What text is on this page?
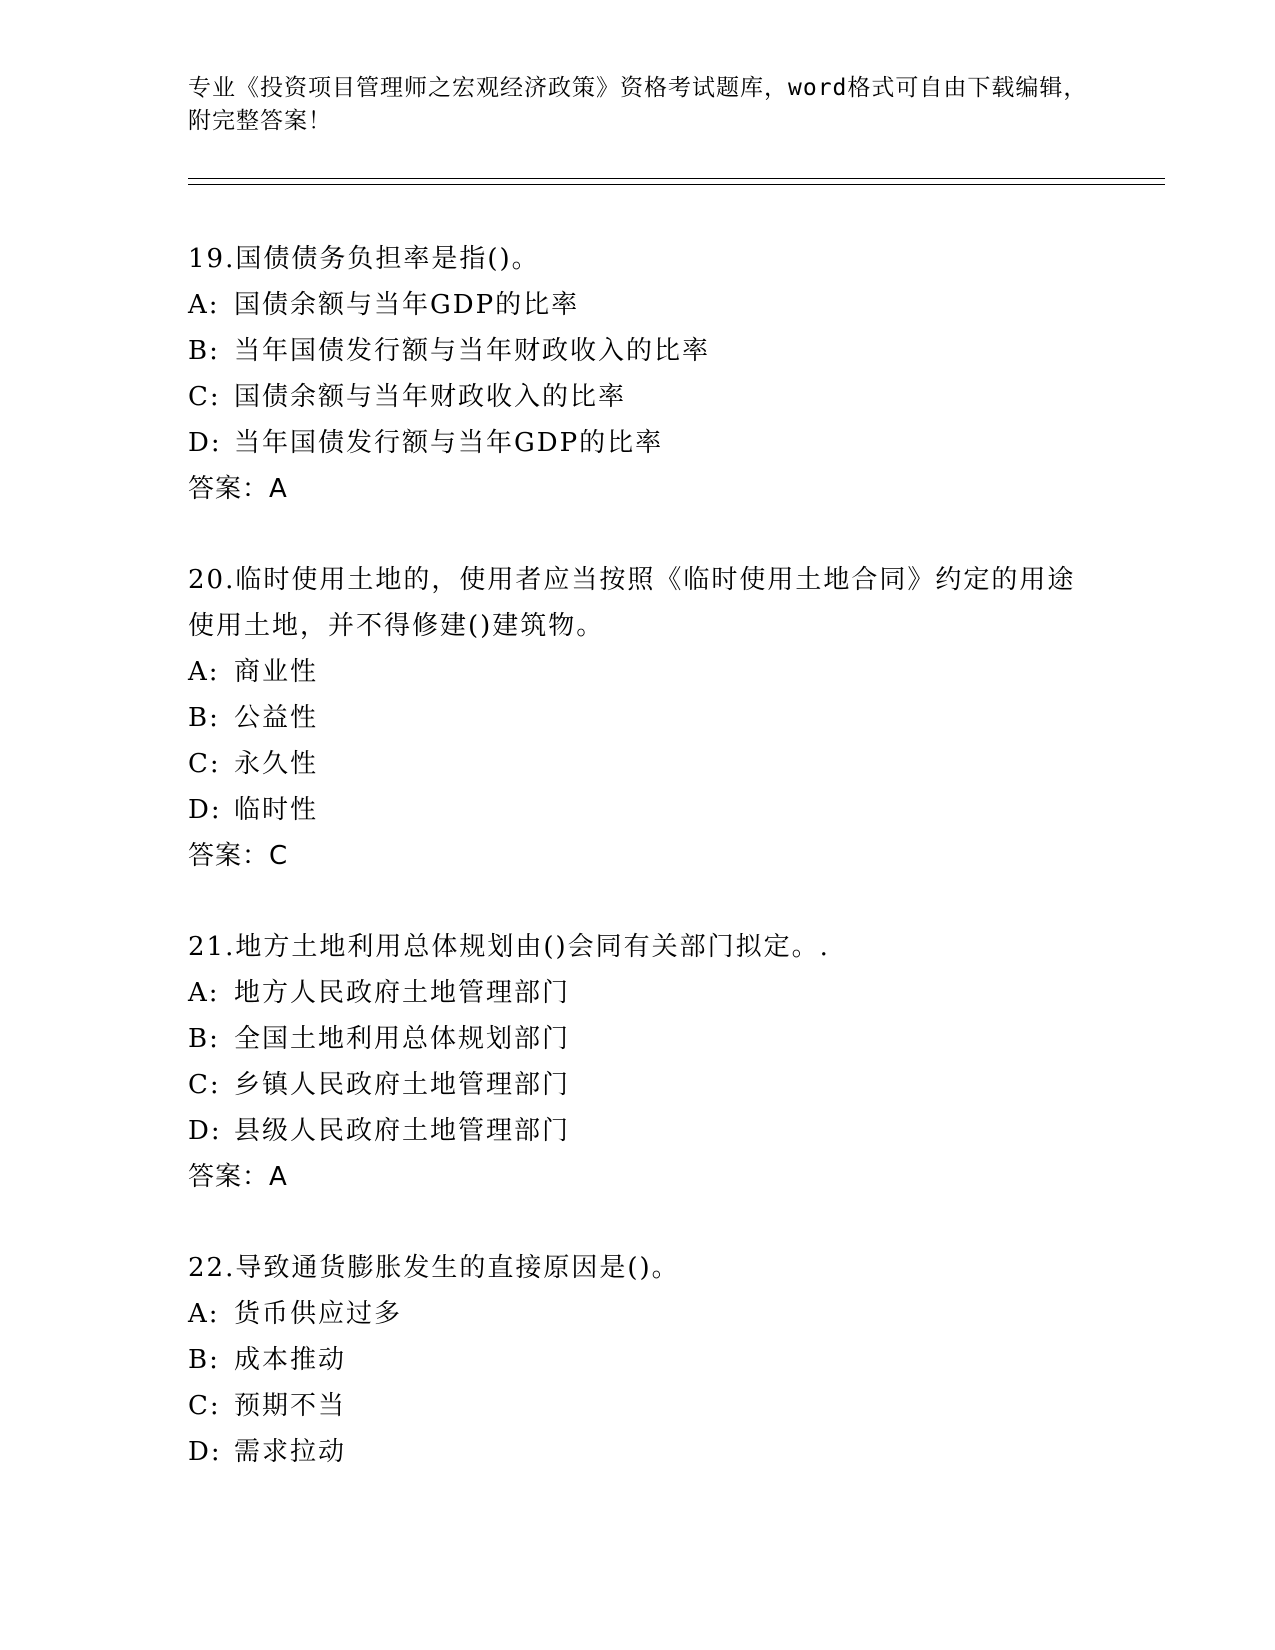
专业《投资项目管理师之宏观经济政策》资格考试题库，word格式可自由下载编辑，附完整答案！
19.国债债务负担率是指()。
A: 国债余额与当年GDP的比率
B: 当年国债发行额与当年财政收入的比率
C: 国债余额与当年财政收入的比率
D: 当年国债发行额与当年GDP的比率
答案：A
20.临时使用土地的，使用者应当按照《临时使用土地合同》约定的用途使用土地，并不得修建()建筑物。
A: 商业性
B: 公益性
C: 永久性
D: 临时性
答案：C
21.地方土地利用总体规划由()会同有关部门拟定。.
A: 地方人民政府土地管理部门
B: 全国土地利用总体规划部门
C: 乡镇人民政府土地管理部门
D: 县级人民政府土地管理部门
答案：A
22.导致通货膨胀发生的直接原因是()。
A: 货币供应过多
B: 成本推动
C: 预期不当
D: 需求拉动
